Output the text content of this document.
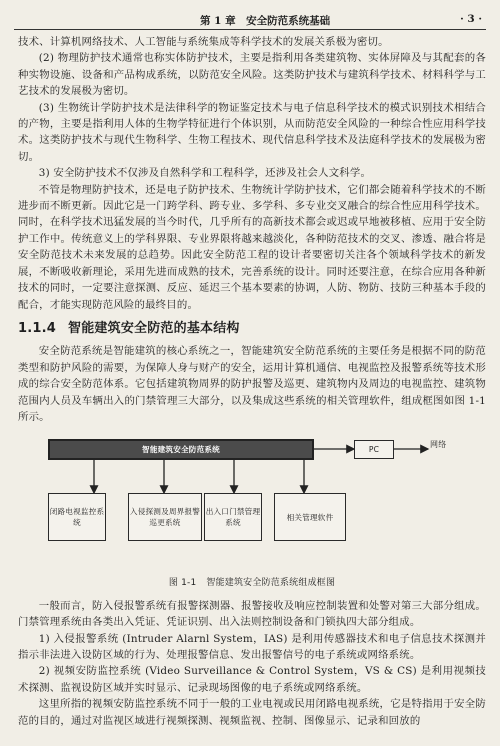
第 1 章　安全防范系统基础	· 3 ·

技术、计算机网络技术、人工智能与系统集成等科学技术的发展关系极为密切。

(2) 物理防护技术通常也称实体防护技术，主要是指利用各类建筑物、实体屏障及与其配套的各种实物设施、设备和产品构成系统，以防范安全风险。这类防护技术与建筑科学技术、材料科学与工艺技术的发展极为密切。

(3) 生物统计学防护技术是法律科学的物证鉴定技术与电子信息科学技术的模式识别技术相结合的产物，主要是指利用人体的生物学特征进行个体识别，从而防范安全风险的一种综合性应用科学技术。这类防护技术与现代生物科学、生物工程技术、现代信息科学技术及法庭科学技术的发展极为密切。

3) 安全防护技术不仅涉及自然科学和工程科学，还涉及社会人文科学。

不管是物理防护技术，还是电子防护技术、生物统计学防护技术，它们都会随着科学技术的不断进步而不断更新。因此它是一门跨学科、跨专业、多学科、多专业交叉融合的综合性应用科学技术。同时，在科学技术迅猛发展的当今时代，几乎所有的高新技术都会或迟或早地被移植、应用于安全防护工作中。传统意义上的学科界限、专业界限将越来越淡化，各种防范技术的交叉、渗透、融合将是安全防范技术未来发展的总趋势。因此安全防范工程的设计者要密切关注各个领域科学技术的新发展，不断吸收新理论，采用先进而成熟的技术，完善系统的设计。同时还要注意，在综合应用各种新技术的同时，一定要注意探测、反应、延迟三个基本要素的协调，人防、物防、技防三种基本手段的配合，才能实现防范风险的最终目的。

1.1.4 智能建筑安全防范的基本结构

安全防范系统是智能建筑的核心系统之一，智能建筑安全防范系统的主要任务是根据不同的防范类型和防护风险的需要，为保障人身与财产的安全，运用计算机通信、电视监控及报警系统等技术形成的综合安全防范体系。它包括建筑物周界的防护报警及巡更、建筑物内及周边的电视监控、建筑物范围内人员及车辆出入的门禁管理三大部分，以及集成这些系统的相关管理软件，组成框图如图 1-1 所示。

智能建筑安全防范系统	PC
网络
闭路电视监控系统
入侵探测及周界报警巡更系统
出入口门禁管理系统
相关管理软件
图 1-1 智能建筑安全防范系统组成框图

一般而言，防入侵报警系统有报警探测器、报警接收及响应控制装置和处警对第三大部分组成。门禁管理系统由各类出入凭证、凭证识别、出入法则控制设备和门锁执四大部分组成。

1) 入侵报警系统 (Intruder Alarnl System，IAS) 是利用传感器技术和电子信息技术探测并指示非法进入设防区域的行为、处理报警信息、发出报警信号的电子系统或网络系统。

2) 视频安防监控系统 (Video Surveillance & Control System，VS & CS) 是利用视频技术探测、监视设防区域并实时显示、记录现场图像的电子系统或网络系统。

这里所指的视频安防监控系统不同于一般的工业电视或民用闭路电视系统，它是特指用于安全防范的目的，通过对监视区域进行视频探测、视频监视、控制、图像显示、记录和回放的
